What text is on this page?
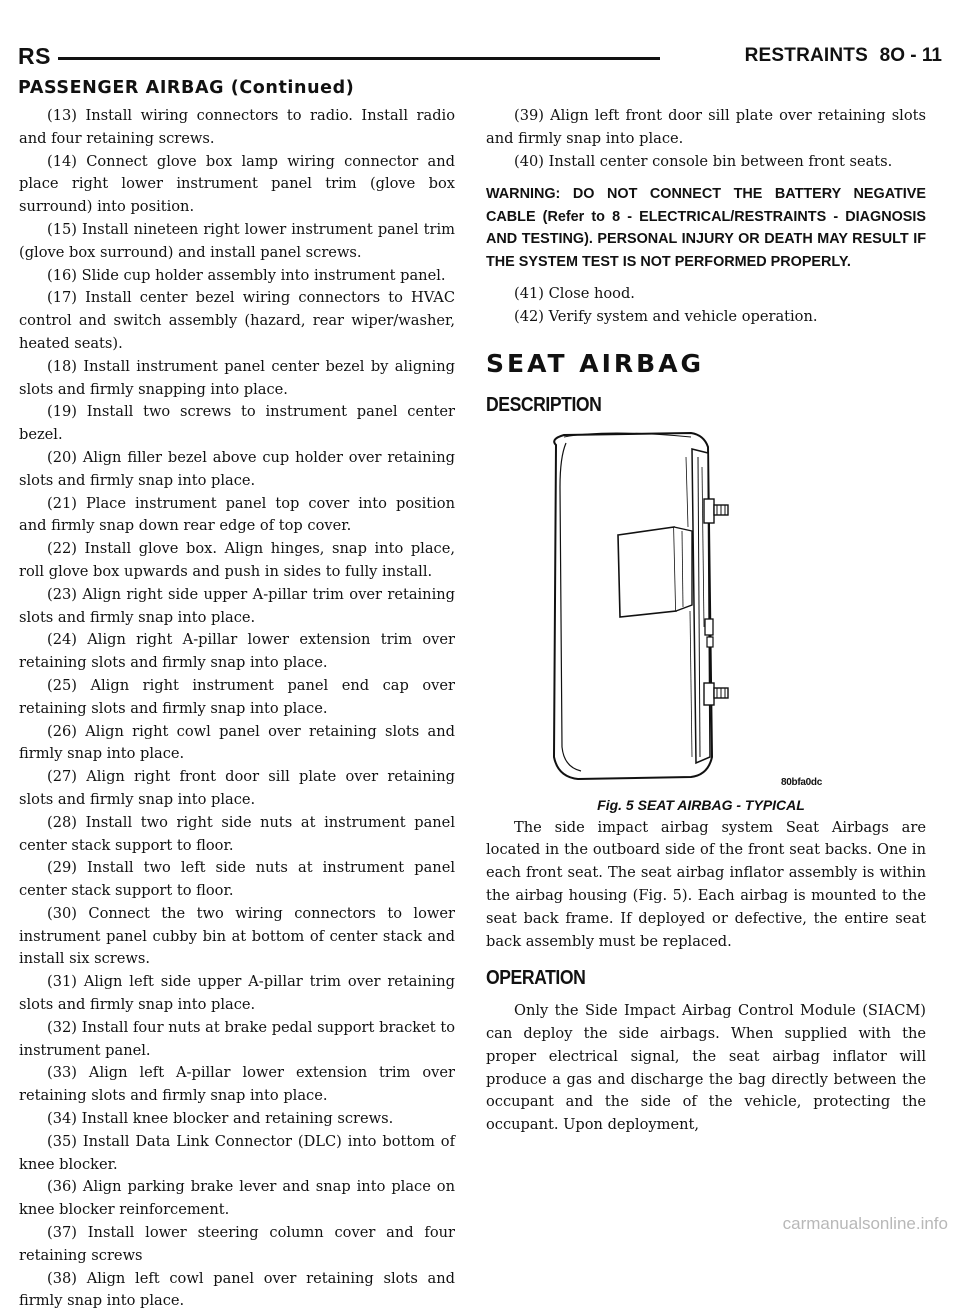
RS	RESTRAINTS 8O - 11
PASSENGER AIRBAG (Continued)

(13) Install wiring connectors to radio. Install radio and four retaining screws.

(14) Connect glove box lamp wiring connector and place right lower instrument panel trim (glove box surround) into position.

(15) Install nineteen right lower instrument panel trim (glove box surround) and install panel screws.

(16) Slide cup holder assembly into instrument panel.

(17) Install center bezel wiring connectors to HVAC control and switch assembly (hazard, rear wiper/washer, heated seats).

(18) Install instrument panel center bezel by aligning slots and firmly snapping into place.

(19) Install two screws to instrument panel center bezel.

(20) Align filler bezel above cup holder over retaining slots and firmly snap into place.

(21) Place instrument panel top cover into position and firmly snap down rear edge of top cover.

(22) Install glove box. Align hinges, snap into place, roll glove box upwards and push in sides to fully install.

(23) Align right side upper A-pillar trim over retaining slots and firmly snap into place.

(24) Align right A-pillar lower extension trim over retaining slots and firmly snap into place.

(25) Align right instrument panel end cap over retaining slots and firmly snap into place.

(26) Align right cowl panel over retaining slots and firmly snap into place.

(27) Align right front door sill plate over retaining slots and firmly snap into place.

(28) Install two right side nuts at instrument panel center stack support to floor.

(29) Install two left side nuts at instrument panel center stack support to floor.

(30) Connect the two wiring connectors to lower instrument panel cubby bin at bottom of center stack and install six screws.

(31) Align left side upper A-pillar trim over retaining slots and firmly snap into place.

(32) Install four nuts at brake pedal support bracket to instrument panel.

(33) Align left A-pillar lower extension trim over retaining slots and firmly snap into place.

(34) Install knee blocker and retaining screws.

(35) Install Data Link Connector (DLC) into bottom of knee blocker.

(36) Align parking brake lever and snap into place on knee blocker reinforcement.

(37) Install lower steering column cover and four retaining screws

(38) Align left cowl panel over retaining slots and firmly snap into place.

(39) Align left front door sill plate over retaining slots and firmly snap into place.

(40) Install center console bin between front seats.

WARNING: DO NOT CONNECT THE BATTERY NEGATIVE CABLE (Refer to 8 - ELECTRICAL/RESTRAINTS - DIAGNOSIS AND TESTING). PERSONAL INJURY OR DEATH MAY RESULT IF THE SYSTEM TEST IS NOT PERFORMED PROPERLY.

(41) Close hood.

(42) Verify system and vehicle operation.

SEAT AIRBAG
DESCRIPTION
80bfa0dc
Fig. 5 SEAT AIRBAG - TYPICAL

The side impact airbag system Seat Airbags are located in the outboard side of the front seat backs. One in each front seat. The seat airbag inflator assembly is within the airbag housing (Fig. 5). Each airbag is mounted to the seat back frame. If deployed or defective, the entire seat back assembly must be replaced.

OPERATION

Only the Side Impact Airbag Control Module (SIACM) can deploy the side airbags. When supplied with the proper electrical signal, the seat airbag inflator will produce a gas and discharge the bag directly between the occupant and the side of the vehicle, protecting the occupant. Upon deployment,

carmanualsonline.info
